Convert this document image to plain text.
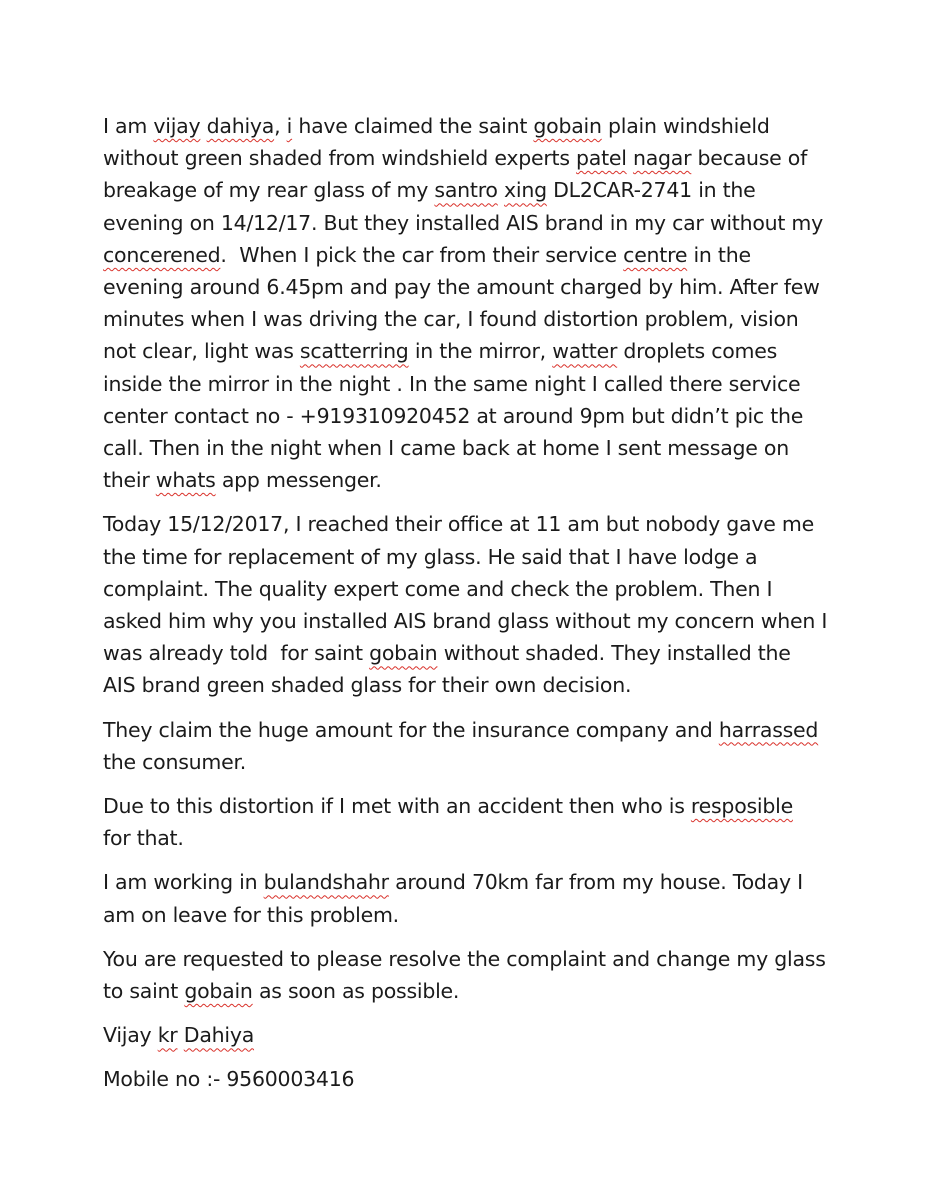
I am vijay dahiya, i have claimed the saint gobain plain windshield
without green shaded from windshield experts patel nagar because of
breakage of my rear glass of my santro xing DL2CAR-2741 in the
evening on 14/12/17. But they installed AIS brand in my car without my
concerened.  When I pick the car from their service centre in the
evening around 6.45pm and pay the amount charged by him. After few
minutes when I was driving the car, I found distortion problem, vision
not clear, light was scatterring in the mirror, watter droplets comes
inside the mirror in the night . In the same night I called there service
center contact no - +919310920452 at around 9pm but didn’t pic the
call. Then in the night when I came back at home I sent message on
their whats app messenger.
Today 15/12/2017, I reached their office at 11 am but nobody gave me
the time for replacement of my glass. He said that I have lodge a
complaint. The quality expert come and check the problem. Then I
asked him why you installed AIS brand glass without my concern when I
was already told  for saint gobain without shaded. They installed the
AIS brand green shaded glass for their own decision.
They claim the huge amount for the insurance company and harrassed
the consumer.
Due to this distortion if I met with an accident then who is resposible
for that.
I am working in bulandshahr around 70km far from my house. Today I
am on leave for this problem.
You are requested to please resolve the complaint and change my glass
to saint gobain as soon as possible.
Vijay kr Dahiya
Mobile no :- 9560003416
